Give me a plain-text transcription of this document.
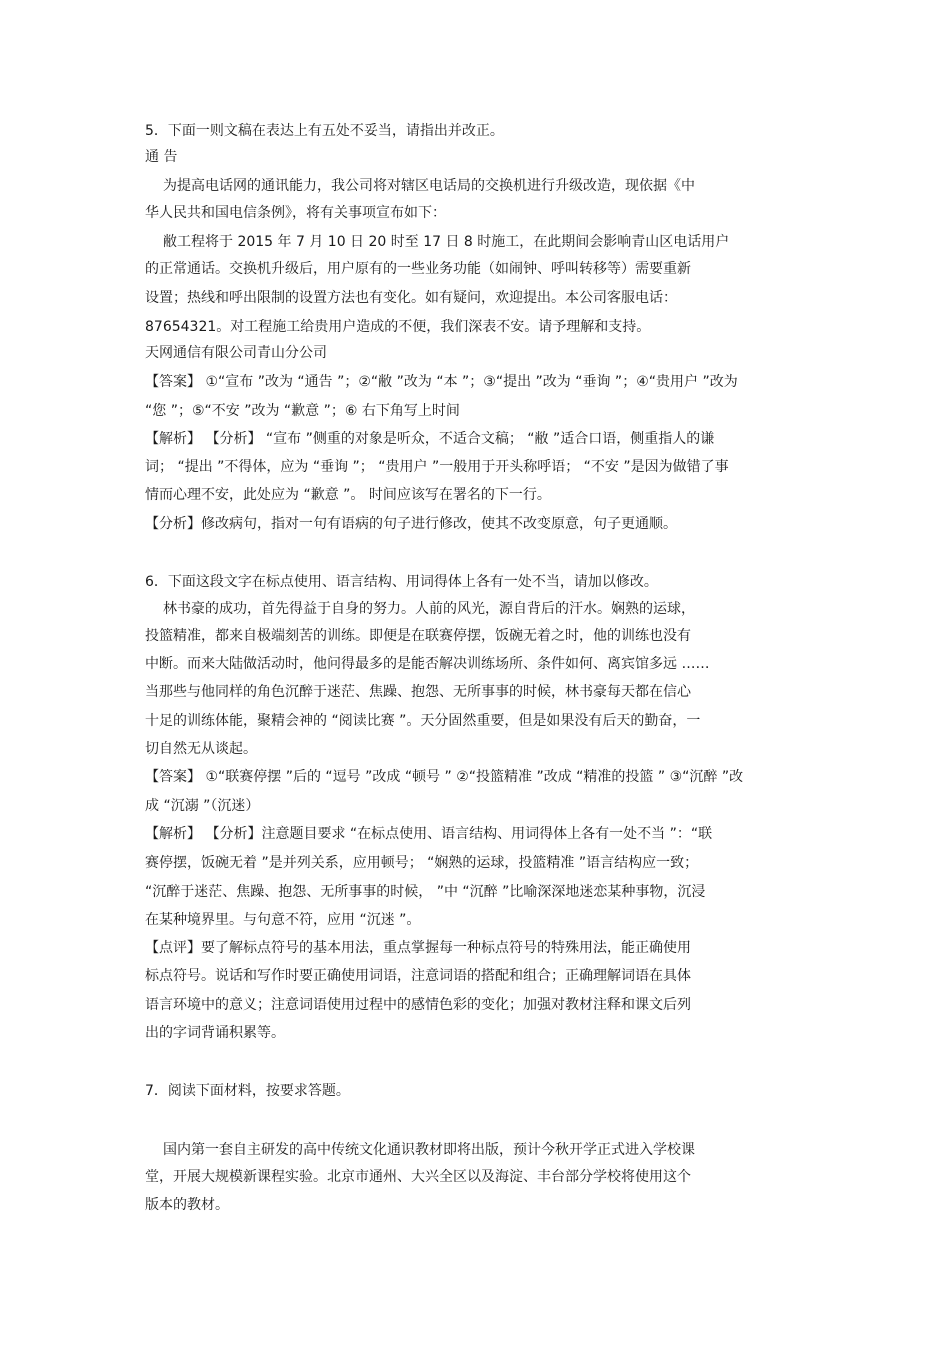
5．下面一则文稿在表达上有五处不妥当，请指出并改正。

通 告

为提高电话网的通讯能力，我公司将对辖区电话局的交换机进行升级改造，现依据《中

华人民共和国电信条例》，将有关事项宣布如下：

敝工程将于 2015 年 7 月 10 日 20 时至 17 日 8 时施工，在此期间会影响青山区电话用户

的正常通话。交换机升级后，用户原有的一些业务功能（如闹钟、呼叫转移等）需要重新

设置；热线和呼出限制的设置方法也有变化。如有疑问，欢迎提出。本公司客服电话：

87654321。对工程施工给贵用户造成的不便，我们深表不安。请予理解和支持。

天网通信有限公司青山分公司

【答案】 ①“宣布 ”改为 “通告 ”；②“敝 ”改为 “本 ”；③“提出 ”改为 “垂询 ”；④“贵用户 ”改为

“您 ”；⑤“不安 ”改为 “歉意 ”；⑥ 右下角写上时间

【解析】 【分析】 “宣布 ”侧重的对象是听众，不适合文稿； “敝 ”适合口语，侧重指人的谦

词； “提出 ”不得体，应为 “垂询 ”； “贵用户 ”一般用于开头称呼语； “不安 ”是因为做错了事

情而心理不安，此处应为 “歉意 ”。 时间应该写在署名的下一行。

【分析】修改病句，指对一句有语病的句子进行修改，使其不改变原意，句子更通顺。

6．下面这段文字在标点使用、语言结构、用词得体上各有一处不当，请加以修改。

林书豪的成功，首先得益于自身的努力。人前的风光，源自背后的汗水。娴熟的运球，

投篮精准，都来自极端刻苦的训练。即便是在联赛停摆，饭碗无着之时，他的训练也没有

中断。而来大陆做活动时，他问得最多的是能否解决训练场所、条件如何、离宾馆多远 ……

当那些与他同样的角色沉醉于迷茫、焦躁、抱怨、无所事事的时候，林书豪每天都在信心

十足的训练体能，聚精会神的 “阅读比赛 ”。天分固然重要，但是如果没有后天的勤奋，一

切自然无从谈起。

【答案】 ①“联赛停摆 ”后的 “逗号 ”改成 “顿号 ” ②“投篮精准 ”改成 “精准的投篮 ” ③“沉醉 ”改

成 “沉溺 ”（沉迷）

【解析】 【分析】注意题目要求 “在标点使用、语言结构、用词得体上各有一处不当 ”：“联

赛停摆，饭碗无着 ”是并列关系，应用顿号； “娴熟的运球，投篮精准 ”语言结构应一致；

“沉醉于迷茫、焦躁、抱怨、无所事事的时候， ”中 “沉醉 ”比喻深深地迷恋某种事物，沉浸

在某种境界里。与句意不符，应用 “沉迷 ”。

【点评】要了解标点符号的基本用法，重点掌握每一种标点符号的特殊用法，能正确使用

标点符号。说话和写作时要正确使用词语，注意词语的搭配和组合；正确理解词语在具体

语言环境中的意义；注意词语使用过程中的感情色彩的变化；加强对教材注释和课文后列

出的字词背诵积累等。

7．阅读下面材料，按要求答题。

国内第一套自主研发的高中传统文化通识教材即将出版，预计今秋开学正式进入学校课

堂，开展大规模新课程实验。北京市通州、大兴全区以及海淀、丰台部分学校将使用这个

版本的教材。
